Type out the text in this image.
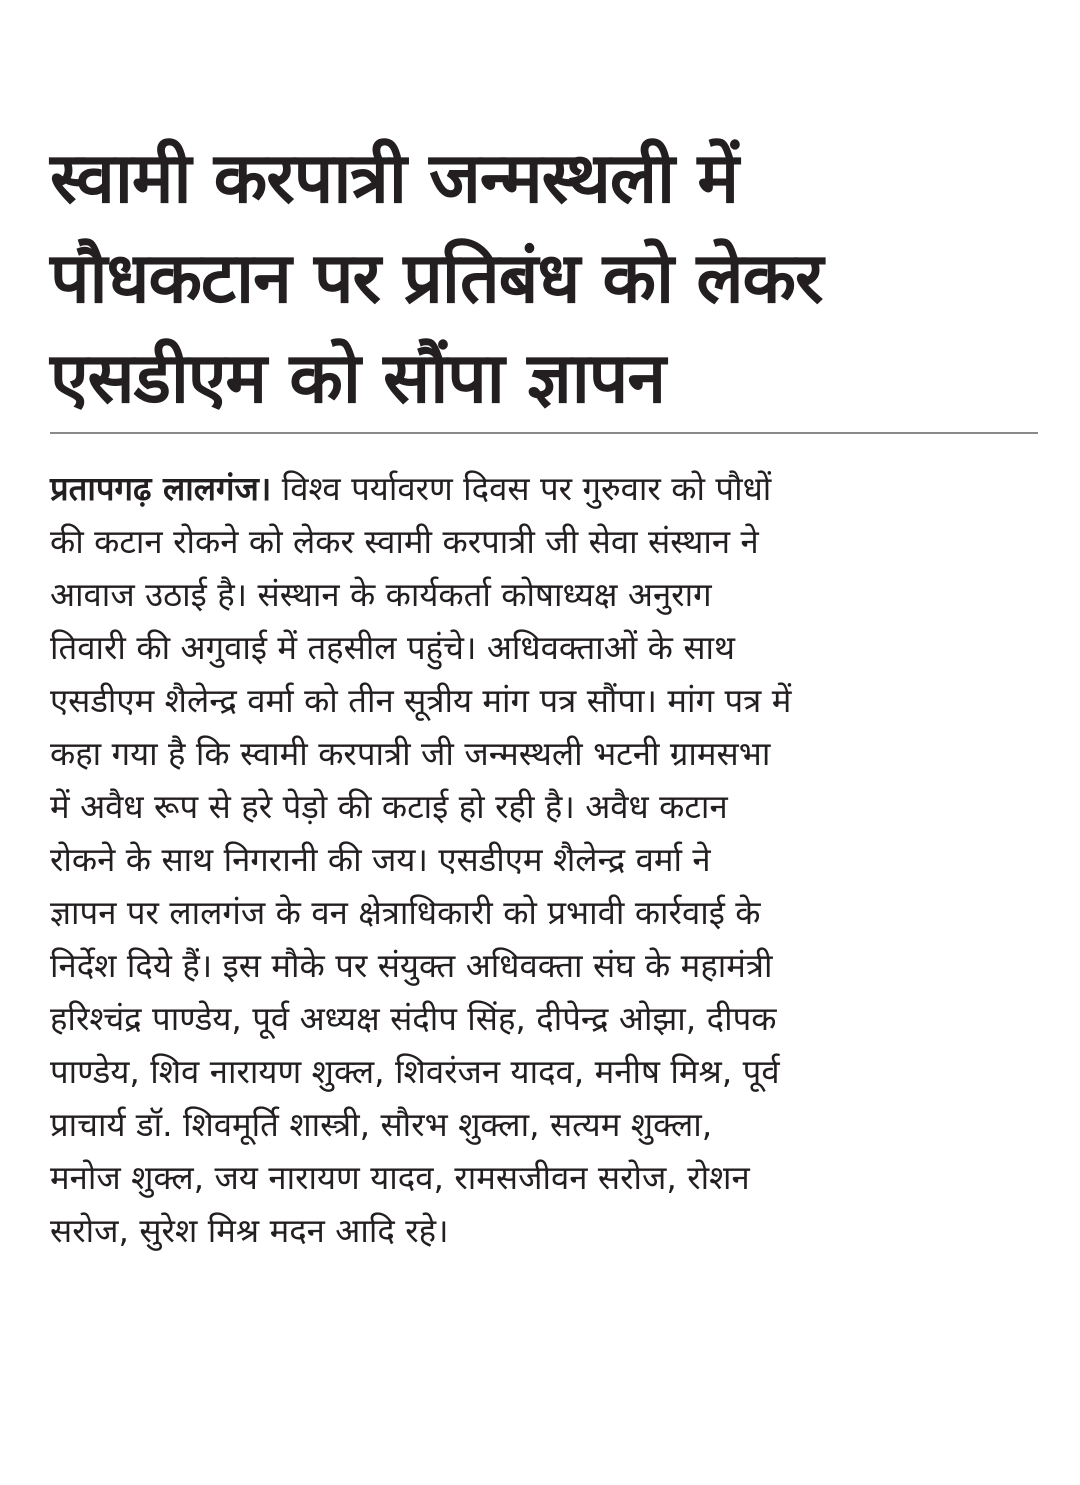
स्वामी करपात्री जन्मस्थली में
पौधकटान पर प्रतिबंध को लेकर
एसडीएम को सौंपा ज्ञापन
प्रतापगढ़ लालगंज। विश्व पर्यावरण दिवस पर गुरुवार को पौधों
की कटान रोकने को लेकर स्वामी करपात्री जी सेवा संस्थान ने
आवाज उठाई है। संस्थान के कार्यकर्ता कोषाध्यक्ष अनुराग
तिवारी की अगुवाई में तहसील पहुंचे। अधिवक्ताओं के साथ
एसडीएम शैलेन्द्र वर्मा को तीन सूत्रीय मांग पत्र सौंपा। मांग पत्र में
कहा गया है कि स्वामी करपात्री जी जन्मस्थली भटनी ग्रामसभा
में अवैध रूप से हरे पेड़ो की कटाई हो रही है। अवैध कटान
रोकने के साथ निगरानी की जय। एसडीएम शैलेन्द्र वर्मा ने
ज्ञापन पर लालगंज के वन क्षेत्राधिकारी को प्रभावी कार्रवाई के
निर्देश दिये हैं। इस मौके पर संयुक्त अधिवक्ता संघ के महामंत्री
हरिश्चंद्र पाण्डेय, पूर्व अध्यक्ष संदीप सिंह, दीपेन्द्र ओझा, दीपक
पाण्डेय, शिव नारायण शुक्ल, शिवरंजन यादव, मनीष मिश्र, पूर्व
प्राचार्य डॉ. शिवमूर्ति शास्त्री, सौरभ शुक्ला, सत्यम शुक्ला,
मनोज शुक्ल, जय नारायण यादव, रामसजीवन सरोज, रोशन
सरोज, सुरेश मिश्र मदन आदि रहे।
